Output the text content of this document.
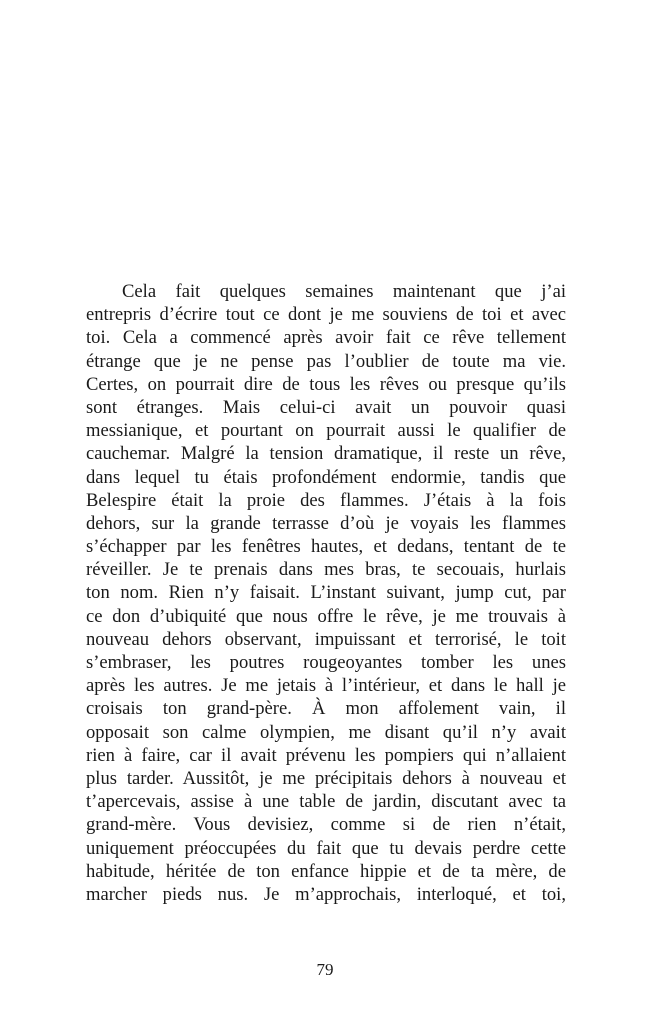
Cela fait quelques semaines maintenant que j’ai
entrepris d’écrire tout ce dont je me souviens de toi et avec
toi. Cela a commencé après avoir fait ce rêve tellement
étrange que je ne pense pas l’oublier de toute ma vie.
Certes, on pourrait dire de tous les rêves ou presque qu’ils
sont étranges. Mais celui-ci avait un pouvoir quasi
messianique, et pourtant on pourrait aussi le qualifier de
cauchemar. Malgré la tension dramatique, il reste un rêve,
dans lequel tu étais profondément endormie, tandis que
Belespire était la proie des flammes. J’étais à la fois
dehors, sur la grande terrasse d’où je voyais les flammes
s’échapper par les fenêtres hautes, et dedans, tentant de te
réveiller. Je te prenais dans mes bras, te secouais, hurlais
ton nom. Rien n’y faisait. L’instant suivant, jump cut, par
ce don d’ubiquité que nous offre le rêve, je me trouvais à
nouveau dehors observant, impuissant et terrorisé, le toit
s’embraser, les poutres rougeoyantes tomber les unes
après les autres. Je me jetais à l’intérieur, et dans le hall je
croisais ton grand-père. À mon affolement vain, il
opposait son calme olympien, me disant qu’il n’y avait
rien à faire, car il avait prévenu les pompiers qui n’allaient
plus tarder. Aussitôt, je me précipitais dehors à nouveau et
t’apercevais, assise à une table de jardin, discutant avec ta
grand-mère. Vous devisiez, comme si de rien n’était,
uniquement préoccupées du fait que tu devais perdre cette
habitude, héritée de ton enfance hippie et de ta mère, de
marcher pieds nus. Je m’approchais, interloqué, et toi,
79
